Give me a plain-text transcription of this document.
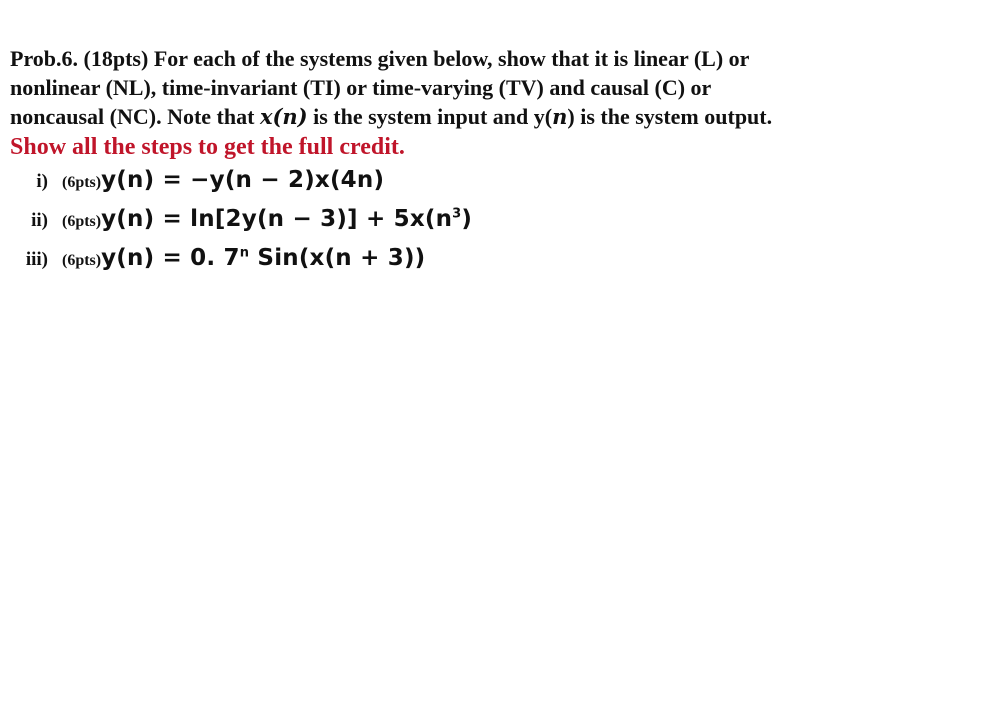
Prob.6. (18pts) For each of the systems given below, show that it is linear (L) or
nonlinear (NL), time-invariant (TI) or time-varying (TV) and causal (C) or
noncausal (NC). Note that x(n) is the system input and y(n) is the system output.

Show all the steps to get the full credit.

i) (6pts) y(n) = −y(n − 2)x(4n)
ii) (6pts) $y(n) = \ln[2y(n - 3)] + 5x(n^3)$
iii) (6pts) y(n) = 0. 7$^n$ Sin(x(n + 3))
